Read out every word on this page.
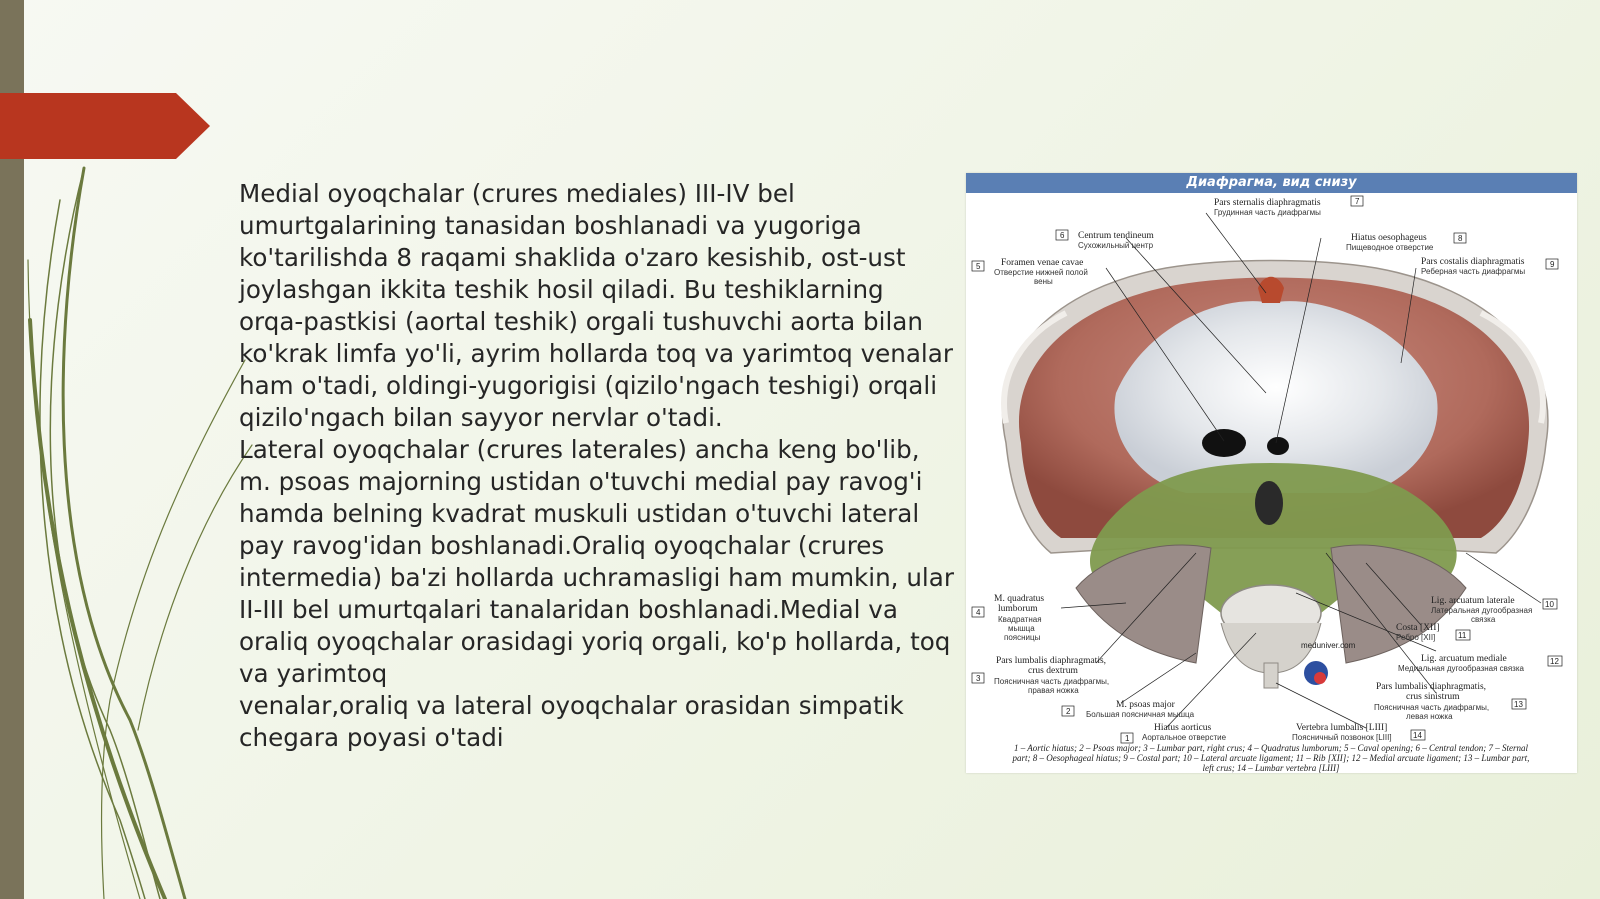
Medial oyoqchalar (crures mediales) III-IV bel umurtgalarining tanasidan boshlanadi va yugoriga ko'tarilishda 8 raqami shaklida o'zaro kesishib, ost-ust joylashgan ikkita teshik hosil qiladi. Bu teshiklarning orqa-pastkisi (aortal teshik) orgali tushuvchi aorta bilan ko'krak limfa yo'li, ayrim hollarda toq va yarimtoq venalar ham o'tadi, oldingi-yugorigisi (qizilo'ngach teshigi) orqali qizilo'ngach bilan sayyor nervlar o'tadi.

Lateral oyoqchalar (crures laterales) ancha keng bo'lib, m. psoas majorning ustidan o'tuvchi medial pay ravog'i hamda belning kvadrat muskuli ustidan o'tuvchi lateral pay ravog'idan boshlanadi.Oraliq oyoqchalar (crures intermedia) ba'zi hollarda uchramasligi ham mumkin, ular II-III bel umurtqalari tanalaridan boshlanadi.Medial va oraliq oyoqchalar orasidagi yoriq orgali, ko'p hollarda, toq va yarimtoq

venalar,oraliq va lateral oyoqchalar orasidan simpatik chegara poyasi o'tadi

Диафрагма, вид снизу
meduniver.com
Pars sternalis diaphragmatis
Грудинная часть диафрагмы
7
Centrum tendineum
Сухожильный центр
6	Hiatus oesophageus
Пищеводное отверстие
8
Foramen venae cavae
Отверстие нижней полой
вены
5	Pars costalis diaphragmatis
Реберная часть диафрагмы
9
Lig. arcuatum laterale
Латеральная дугообразная
связка
10
M. quadratus
lumborum
Квадратная
мышца
поясницы
4
Costa [XII]
Ребро [XII]	11
Lig. arcuatum mediale
Медиальная дугообразная связка
12
Pars lumbalis diaphragmatis,
crus dextrum
Поясничная часть диафрагмы,
правая ножка
3
Pars lumbalis diaphragmatis,
crus sinistrum
Поясничная часть диафрагмы,
левая ножка
13
M. psoas major
Большая поясничная мышца
2
Hiatus aorticus
Аортальное отверстие
1
Vertebra lumbalis [LIII]
Поясничный позвонок [LIII]	14
1 – Aortic hiatus; 2 – Psoas major; 3 – Lumbar part, right crus; 4 – Quadratus lumborum; 5 – Caval opening; 6 – Central tendon; 7 – Sternal
part; 8 – Oesophageal hiatus; 9 – Costal part; 10 – Lateral arcuate ligament; 11 – Rib [XII]; 12 – Medial arcuate ligament; 13 – Lumbar part,
left crus; 14 – Lumbar vertebra [LIII]
